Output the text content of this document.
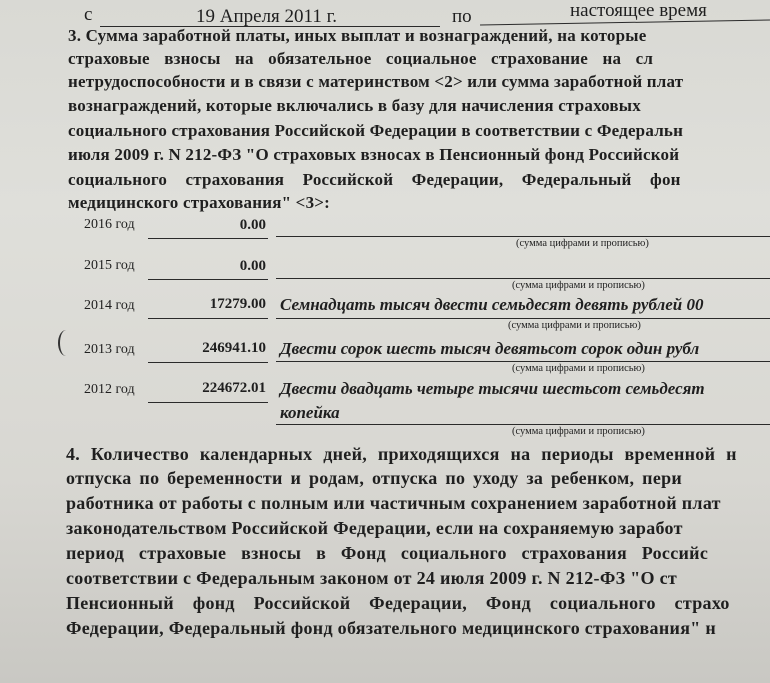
с	19 Апреля 2011 г.	по	настоящее время
3. Сумма заработной платы, иных выплат и вознаграждений, на которые
страховые взносы на обязательное социальное страхование на сл
нетрудоспособности и в связи с материнством <2> или сумма заработной плат
вознаграждений, которые включались в базу для начисления страховых
социального страхования Российской Федерации в соответствии с Федеральн
июля 2009 г. N 212-ФЗ "О страховых взносах в Пенсионный фонд Российской
социального страхования Российской Федерации, Федеральный фон
медицинского страхования" <3>:
2016 год	0.00
(сумма цифрами и прописью)
2015 год	0.00
(сумма цифрами и прописью)
2014 год	17279.00 Семнадцать тысяч двести семьдесят девять рублей 00
(сумма цифрами и прописью)
2013 год	246941.10 Двести сорок шесть тысяч девятьсот сорок один рубл
(сумма цифрами и прописью)
2012 год	224672.01 Двести двадцать четыре тысячи шестьсот семьдесят
копейка
(сумма цифрами и прописью)
4. Количество календарных дней, приходящихся на периоды временной н
отпуска по беременности и родам, отпуска по уходу за ребенком, пери
работника от работы с полным или частичным сохранением заработной плат
законодательством Российской Федерации, если на сохраняемую заработ
период страховые взносы в Фонд социального страхования Российс
соответствии с Федеральным законом от 24 июля 2009 г. N 212-ФЗ "О ст
Пенсионный фонд Российской Федерации, Фонд социального страхо
Федерации, Федеральный фонд обязательного медицинского страхования" н
